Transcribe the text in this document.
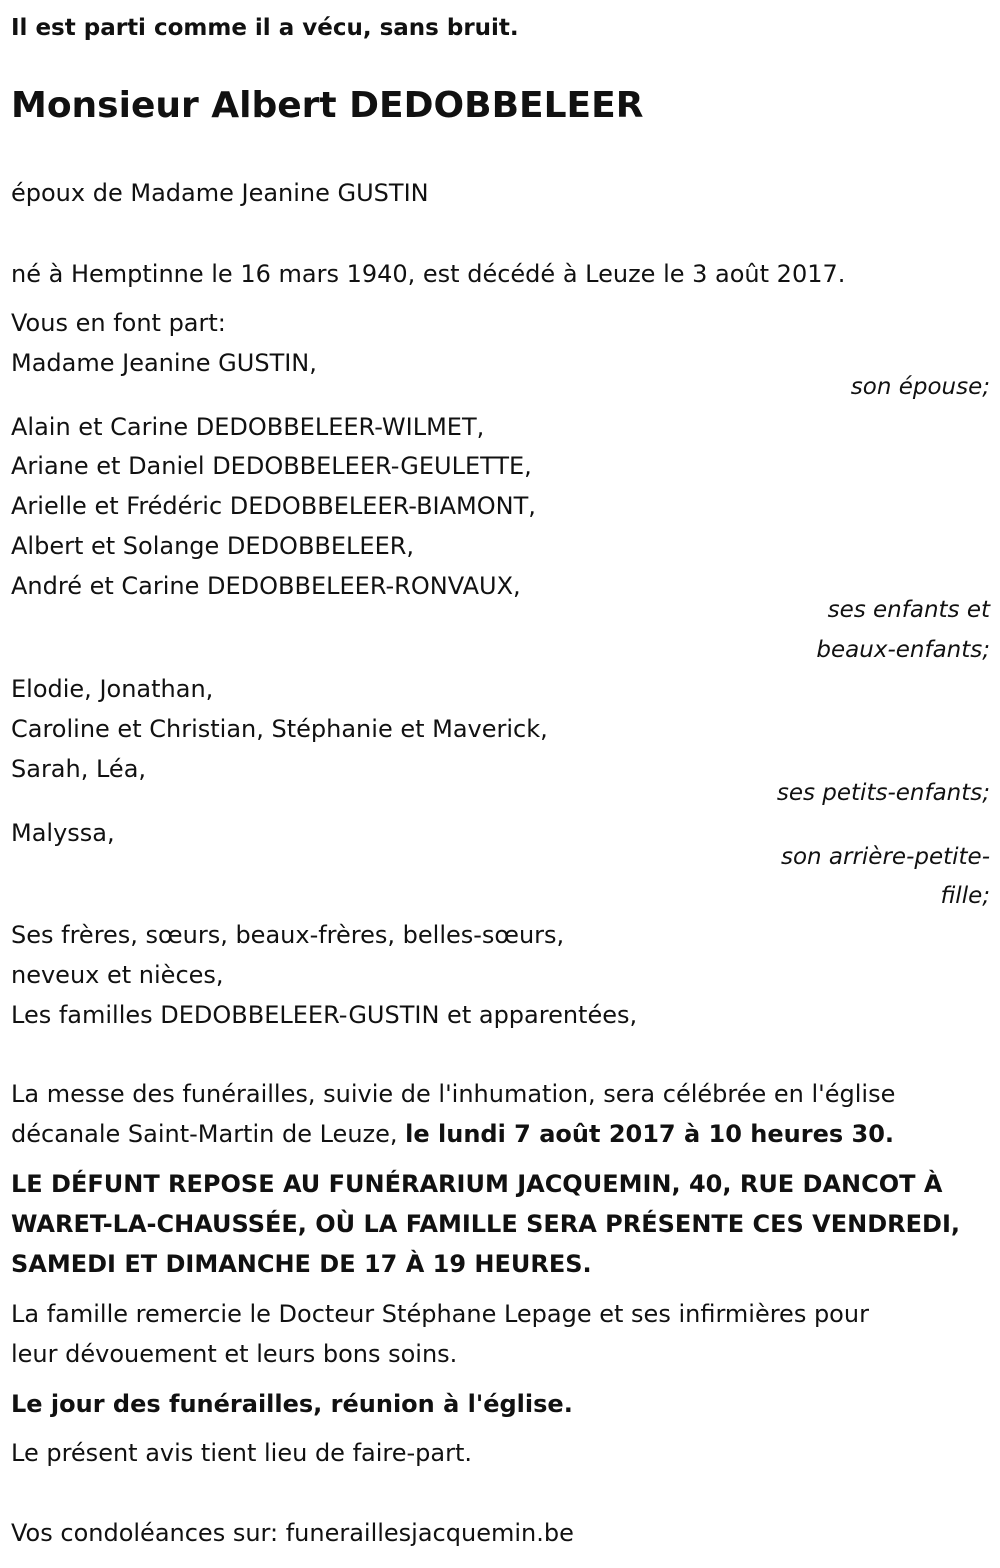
Il est parti comme il a vécu, sans bruit.
Monsieur Albert DEDOBBELEER
époux de Madame Jeanine GUSTIN
né à Hemptinne le 16 mars 1940, est décédé à Leuze le 3 août 2017.
Vous en font part:
Madame Jeanine GUSTIN,
son épouse;
Alain et Carine DEDOBBELEER-WILMET,
Ariane et Daniel DEDOBBELEER-GEULETTE,
Arielle et Frédéric DEDOBBELEER-BIAMONT,
Albert et Solange DEDOBBELEER,
André et Carine DEDOBBELEER-RONVAUX,
ses enfants et
beaux-enfants;
Elodie, Jonathan,
Caroline et Christian, Stéphanie et Maverick,
Sarah, Léa,
ses petits-enfants;
Malyssa,
son arrière-petite-
fille;
Ses frères, sœurs, beaux-frères, belles-sœurs,
neveux et nièces,
Les familles DEDOBBELEER-GUSTIN et apparentées,
La messe des funérailles, suivie de l'inhumation, sera célébrée en l'église
décanale Saint-Martin de Leuze, le lundi 7 août 2017 à 10 heures 30.
LE DÉFUNT REPOSE AU FUNÉRARIUM JACQUEMIN, 40, RUE DANCOT À
WARET-LA-CHAUSSÉE, OÙ LA FAMILLE SERA PRÉSENTE CES VENDREDI,
SAMEDI ET DIMANCHE DE 17 À 19 HEURES.
La famille remercie le Docteur Stéphane Lepage et ses infirmières pour
leur dévouement et leurs bons soins.
Le jour des funérailles, réunion à l'église.
Le présent avis tient lieu de faire-part.
Vos condoléances sur: funeraillesjacquemin.be
